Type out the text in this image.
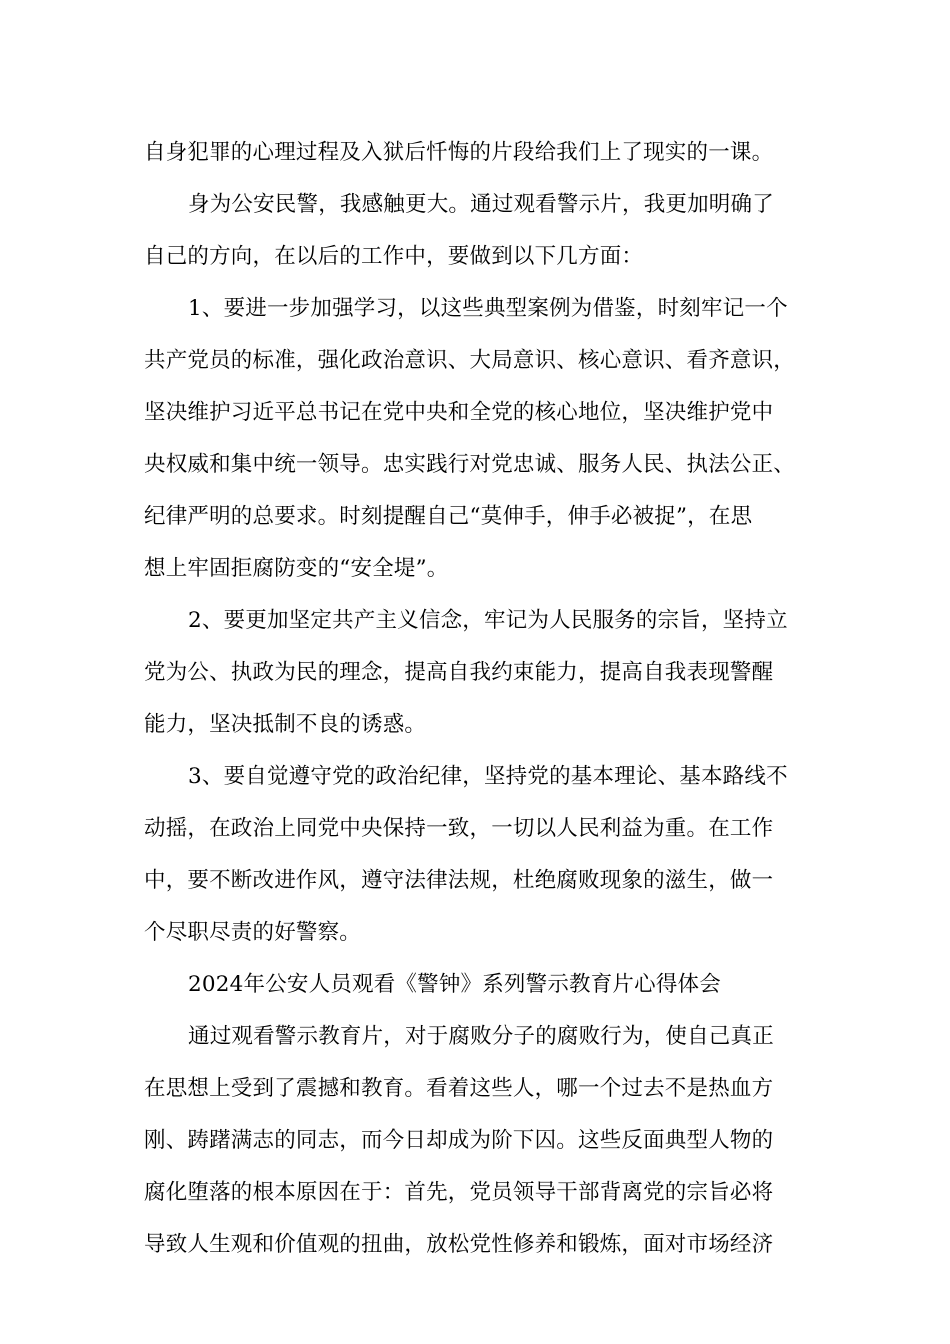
自身犯罪的心理过程及入狱后忏悔的片段给我们上了现实的一课。
身为公安民警，我感触更大。通过观看警示片，我更加明确了
自己的方向，在以后的工作中，要做到以下几方面：
1、要进一步加强学习，以这些典型案例为借鉴，时刻牢记一个
共产党员的标准，强化政治意识、大局意识、核心意识、看齐意识，
坚决维护习近平总书记在党中央和全党的核心地位，坚决维护党中
央权威和集中统一领导。忠实践行对党忠诚、服务人民、执法公正、
纪律严明的总要求。时刻提醒自己“莫伸手，伸手必被捉”，在思
想上牢固拒腐防变的“安全堤”。
2、要更加坚定共产主义信念，牢记为人民服务的宗旨，坚持立
党为公、执政为民的理念，提高自我约束能力，提高自我表现警醒
能力，坚决抵制不良的诱惑。
3、要自觉遵守党的政治纪律，坚持党的基本理论、基本路线不
动摇，在政治上同党中央保持一致，一切以人民利益为重。在工作
中，要不断改进作风，遵守法律法规，杜绝腐败现象的滋生，做一
个尽职尽责的好警察。
2024年公安人员观看《警钟》系列警示教育片心得体会
通过观看警示教育片，对于腐败分子的腐败行为，使自己真正
在思想上受到了震撼和教育。看着这些人，哪一个过去不是热血方
刚、踌躇满志的同志，而今日却成为阶下囚。这些反面典型人物的
腐化堕落的根本原因在于：首先，党员领导干部背离党的宗旨必将
导致人生观和价值观的扭曲，放松党性修养和锻炼，面对市场经济
